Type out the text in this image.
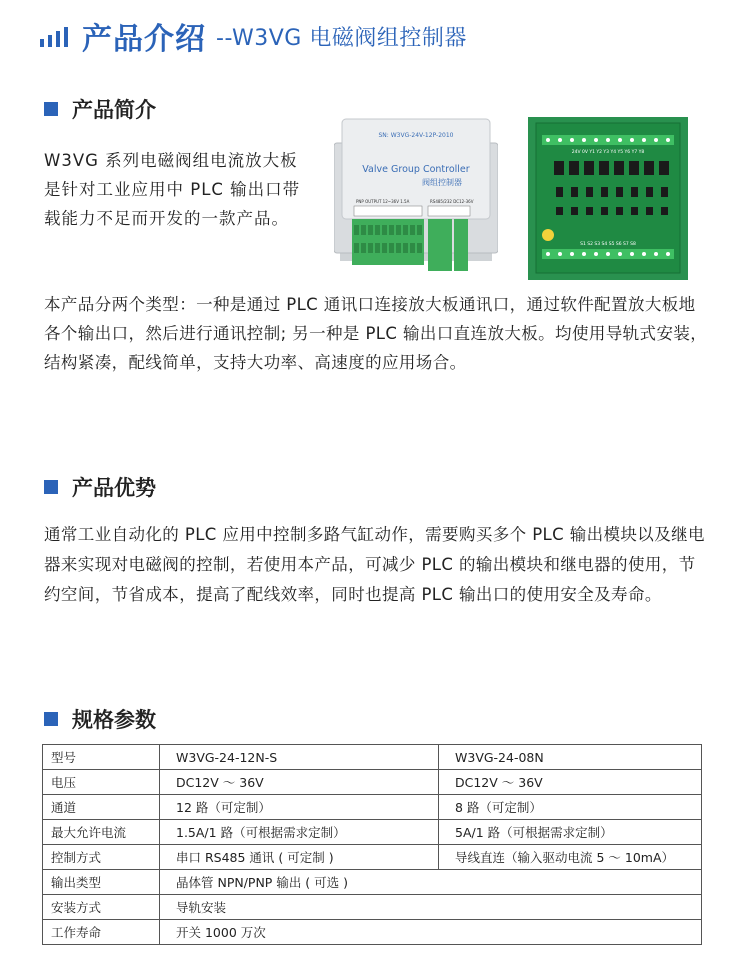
产品介绍 --W3VG 电磁阀组控制器
产品简介
W3VG 系列电磁阀组电流放大板是针对工业应用中 PLC 输出口带载能力不足而开发的一款产品。
SN: W3VG-24V-12P-2010
Valve Group Controller
阀组控制器
PNP OUTPUT 12~36V 1.5A	RS485/232 DC12-36V
24V 0V Y1 Y2 Y3 Y4 Y5 Y6 Y7 Y8
S1 S2 S3 S4 S5 S6 S7 S8
本产品分两个类型：一种是通过 PLC 通讯口连接放大板通讯口，通过软件配置放大板地各个输出口，然后进行通讯控制; 另一种是 PLC 输出口直连放大板。均使用导轨式安装，结构紧凑，配线简单，支持大功率、高速度的应用场合。
产品优势
通常工业自动化的 PLC 应用中控制多路气缸动作，需要购买多个 PLC 输出模块以及继电器来实现对电磁阀的控制，若使用本产品，可减少 PLC 的输出模块和继电器的使用，节约空间，节省成本，提高了配线效率，同时也提高 PLC 输出口的使用安全及寿命。
规格参数
型号	W3VG-24-12N-S	W3VG-24-08N
电压	DC12V ～ 36V	DC12V ～ 36V
通道	12 路（可定制）	8 路（可定制）
最大允许电流	1.5A/1 路（可根据需求定制）	5A/1 路（可根据需求定制）
控制方式	串口 RS485 通讯 ( 可定制 )	导线直连（输入驱动电流 5 ～ 10mA）
输出类型	晶体管 NPN/PNP 输出 ( 可选 )	
安装方式	导轨安装	
工作寿命	开关 1000 万次	
